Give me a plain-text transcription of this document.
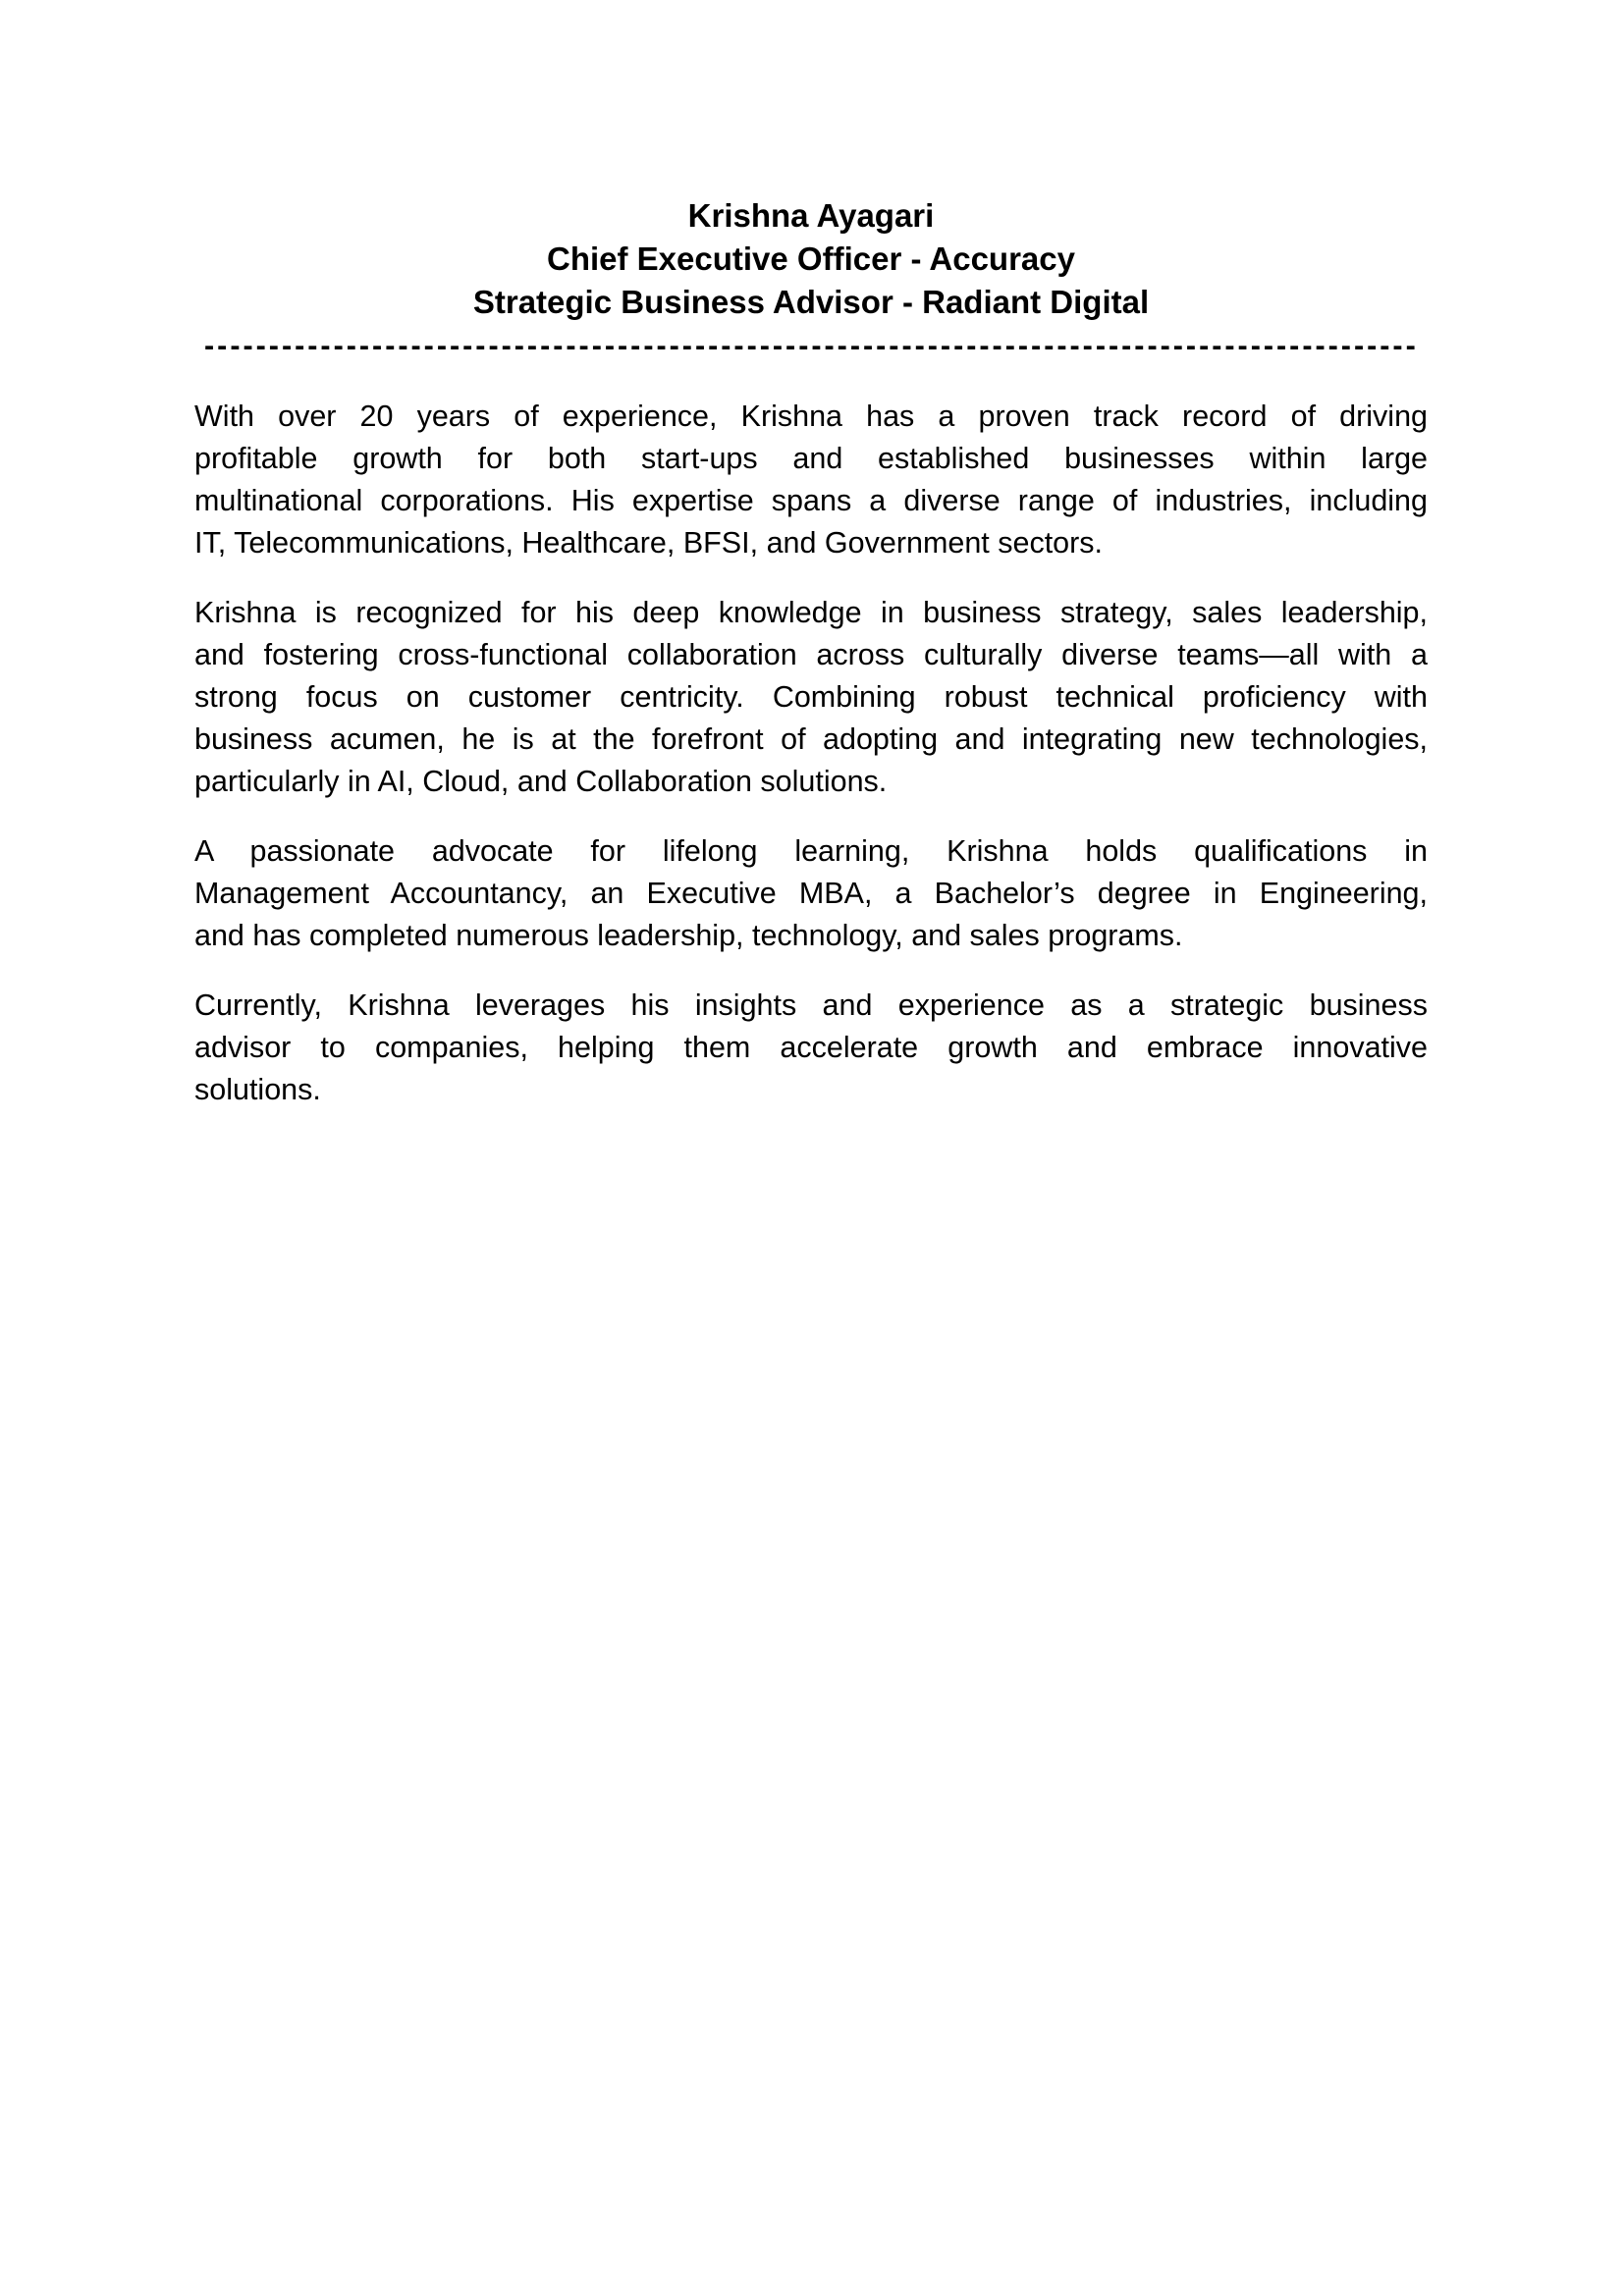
Krishna Ayagari
Chief Executive Officer - Accuracy
Strategic Business Advisor - Radiant Digital
----------------------------------------------------------------------------------------------

With over 20 years of experience, Krishna has a proven track record of driving
profitable growth for both start-ups and established businesses within large
multinational corporations. His expertise spans a diverse range of industries, including
IT, Telecommunications, Healthcare, BFSI, and Government sectors.

Krishna is recognized for his deep knowledge in business strategy, sales leadership,
and fostering cross-functional collaboration across culturally diverse teams—all with a
strong focus on customer centricity. Combining robust technical proficiency with
business acumen, he is at the forefront of adopting and integrating new technologies,
particularly in AI, Cloud, and Collaboration solutions.

A passionate advocate for lifelong learning, Krishna holds qualifications in
Management Accountancy, an Executive MBA, a Bachelor’s degree in Engineering,
and has completed numerous leadership, technology, and sales programs.

Currently, Krishna leverages his insights and experience as a strategic business
advisor to companies, helping them accelerate growth and embrace innovative
solutions.
